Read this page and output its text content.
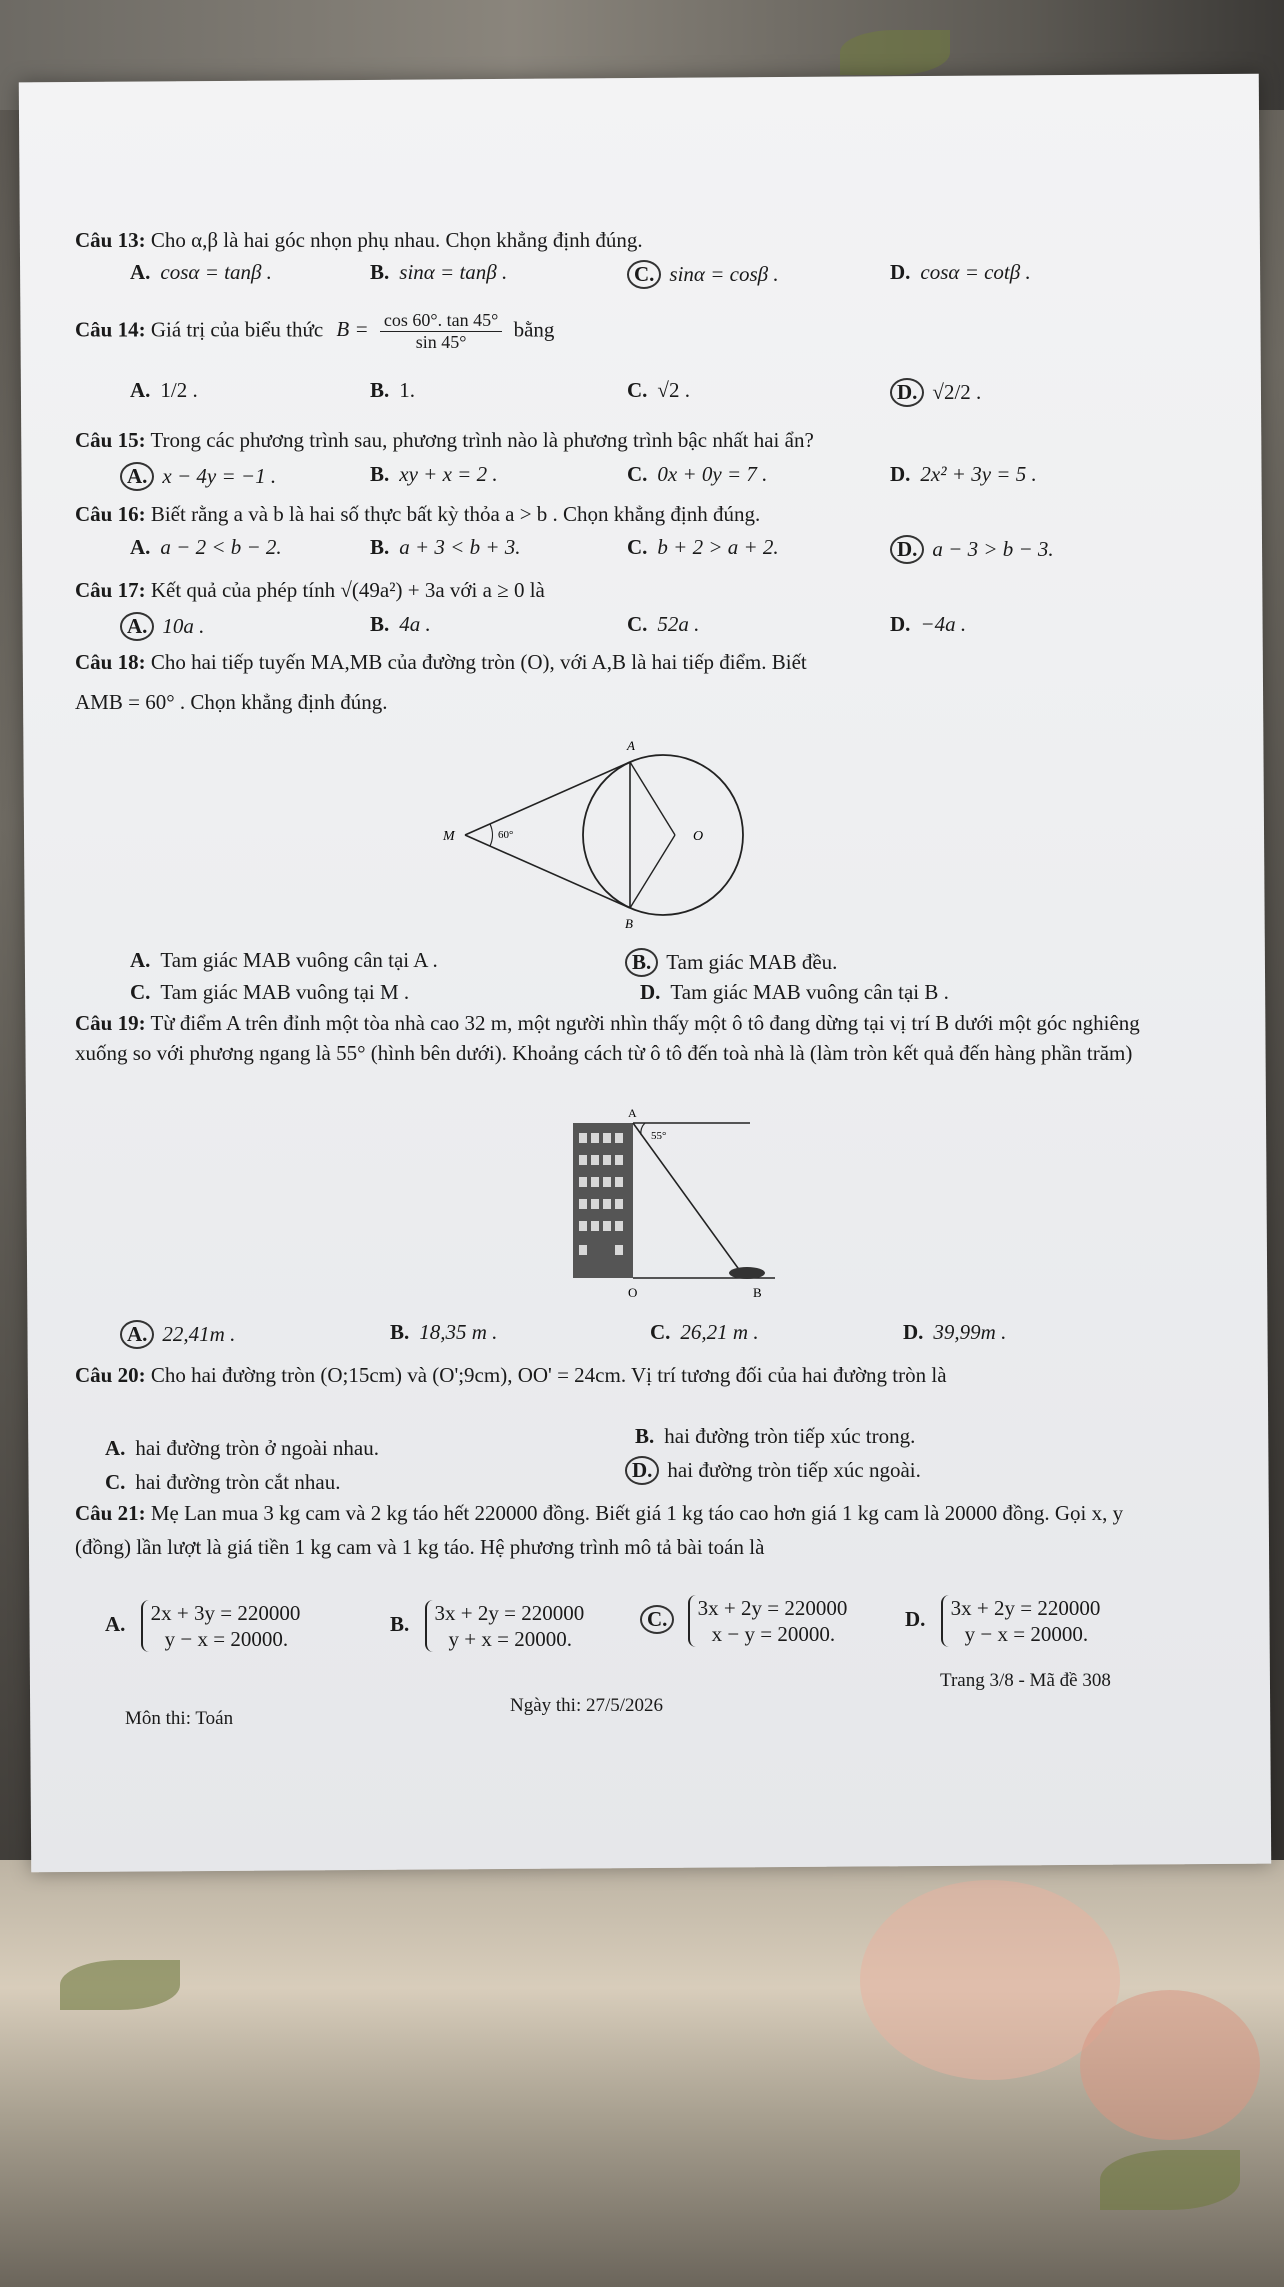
Câu 13: Cho α,β là hai góc nhọn phụ nhau. Chọn khẳng định đúng.
A. cosα = tanβ .	B. sinα = tanβ .	C. sinα = cosβ .	D. cosα = cotβ .
Câu 14: Giá trị của biểu thức $B = \frac{\cos 60^\circ. \tan 45^\circ}{\sin 45^\circ}$ bằng
A. 1/2 .	B. 1.	C. √2 .	D. √2/2 .
Câu 15: Trong các phương trình sau, phương trình nào là phương trình bậc nhất hai ẩn?
A. x − 4y = −1 .	B. xy + x = 2 .	C. 0x + 0y = 7 .	D. 2x² + 3y = 5 .
Câu 16: Biết rằng a và b là hai số thực bất kỳ thỏa a > b . Chọn khẳng định đúng.
A. a − 2 < b − 2.	B. a + 3 < b + 3.	C. b + 2 > a + 2.	D. a − 3 > b − 3.
Câu 17: Kết quả của phép tính √(49a²) + 3a với a ≥ 0 là
A. 10a .	B. 4a .	C. 52a .	D. −4a .
Câu 18: Cho hai tiếp tuyến MA,MB của đường tròn (O), với A,B là hai tiếp điểm. Biết
AMB = 60° . Chọn khẳng định đúng.
A
M	O
B
60°
A. Tam giác MAB vuông cân tại A .	B. Tam giác MAB đều.
C. Tam giác MAB vuông tại M .	D. Tam giác MAB vuông cân tại B .
Câu 19: Từ điểm A trên đỉnh một tòa nhà cao 32 m, một người nhìn thấy một ô tô đang dừng tại vị trí B dưới một góc nghiêng xuống so với phương ngang là 55° (hình bên dưới). Khoảng cách từ ô tô đến toà nhà là (làm tròn kết quả đến hàng phần trăm)
A
55°
O	B
A. 22,41m .	B. 18,35 m .	C. 26,21 m .	D. 39,99m .
Câu 20: Cho hai đường tròn (O;15cm) và (O';9cm), OO' = 24cm. Vị trí tương đối của hai đường tròn là
A. hai đường tròn ở ngoài nhau.	B. hai đường tròn tiếp xúc trong.
C. hai đường tròn cắt nhau.	D. hai đường tròn tiếp xúc ngoài.
Câu 21: Mẹ Lan mua 3 kg cam và 2 kg táo hết 220000 đồng. Biết giá 1 kg táo cao hơn giá 1 kg cam là 20000 đồng. Gọi x, y (đồng) lần lượt là giá tiền 1 kg cam và 1 kg táo. Hệ phương trình mô tả bài toán là
A. 2x + 3y = 220000
y − x = 20000.
B. 3x + 2y = 220000
y + x = 20000.
C. 3x + 2y = 220000
x − y = 20000.
D. 3x + 2y = 220000
y − x = 20000.
Môn thi: Toán
Ngày thi: 27/5/2026
Trang 3/8 - Mã đề 308
